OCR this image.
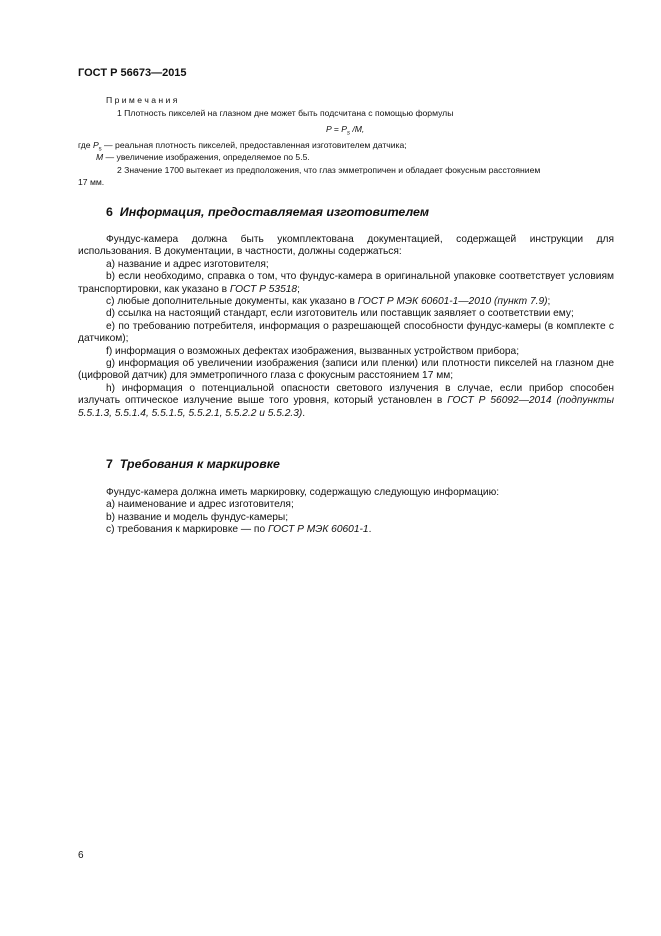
ГОСТ Р 56673—2015
П р и м е ч а н и я
1 Плотность пикселей на глазном дне может быть подсчитана с помощью формулы
$P = P_s$ /M,
где $P_s$ — реальная плотность пикселей, предоставленная изготовителем датчика;
M — увеличение изображения, определяемое по 5.5.
2 Значение 1700 вытекает из предположения, что глаз эмметропичен и обладает фокусным расстоянием
17 мм.
6 Информация, предоставляемая изготовителем

Фундус-камера должна быть укомплектована документацией, содержащей инструкции для использования. В документации, в частности, должны содержаться:

а) название и адрес изготовителя;

b) если необходимо, справка о том, что фундус-камера в оригинальной упаковке соответствует условиям транспортировки, как указано в ГОСТ Р 53518;

c) любые дополнительные документы, как указано в ГОСТ Р МЭК 60601-1—2010 (пункт 7.9);

d) ссылка на настоящий стандарт, если изготовитель или поставщик заявляет о соответствии ему;

e) по требованию потребителя, информация о разрешающей способности фундус-камеры (в комплекте с датчиком);

f) информация о возможных дефектах изображения, вызванных устройством прибора;

g) информация об увеличении изображения (записи или пленки) или плотности пикселей на глазном дне (цифровой датчик) для эмметропичного глаза с фокусным расстоянием 17 мм;

h) информация о потенциальной опасности светового излучения в случае, если прибор способен излучать оптическое излучение выше того уровня, который установлен в ГОСТ Р 56092—2014 (подпункты 5.5.1.3, 5.5.1.4, 5.5.1.5, 5.5.2.1, 5.5.2.2 и 5.5.2.3).

7 Требования к маркировке

Фундус-камера должна иметь маркировку, содержащую следующую информацию:

а) наименование и адрес изготовителя;

b) название и модель фундус-камеры;

c) требования к маркировке — по ГОСТ Р МЭК 60601-1.

6
